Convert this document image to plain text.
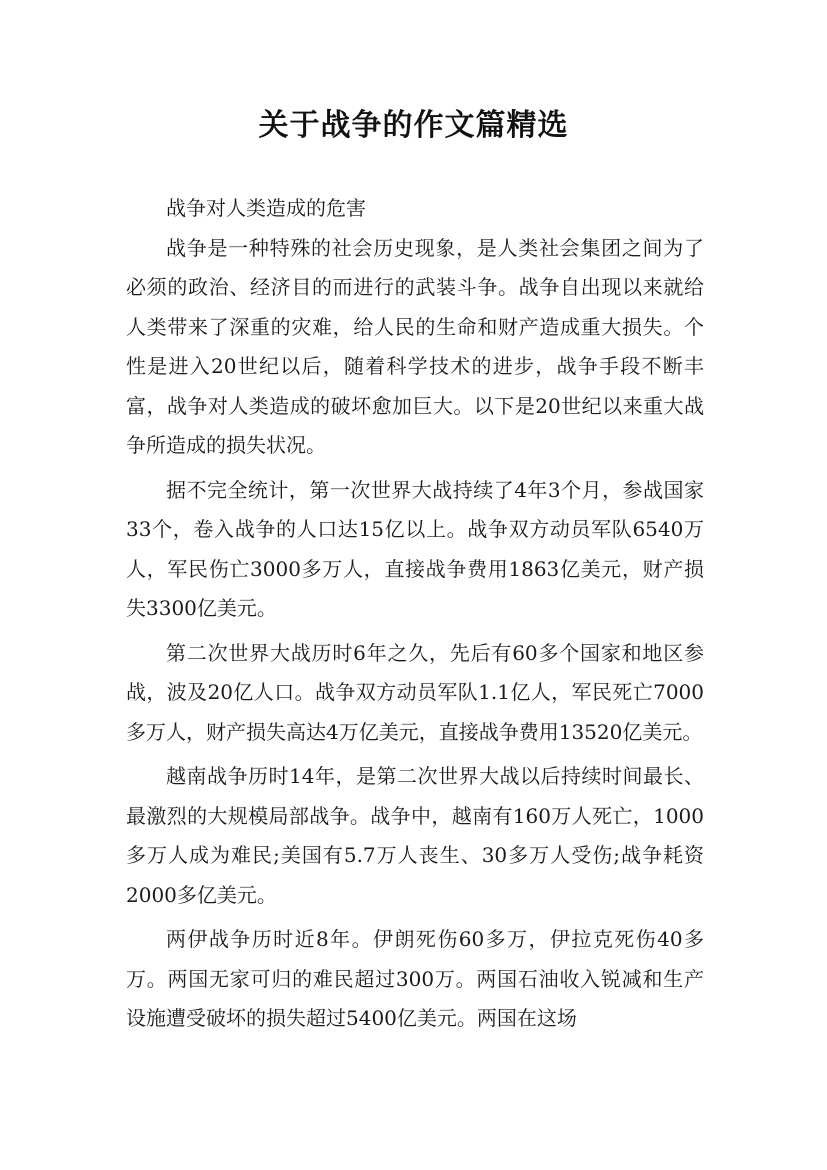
关于战争的作文篇精选

战争对人类造成的危害

战争是一种特殊的社会历史现象，是人类社会集团之间为了必须的政治、经济目的而进行的武装斗争。战争自出现以来就给人类带来了深重的灾难，给人民的生命和财产造成重大损失。个性是进入20世纪以后，随着科学技术的进步，战争手段不断丰富，战争对人类造成的破坏愈加巨大。以下是20世纪以来重大战争所造成的损失状况。

据不完全统计，第一次世界大战持续了4年3个月，参战国家33个，卷入战争的人口达15亿以上。战争双方动员军队6540万人，军民伤亡3000多万人，直接战争费用1863亿美元，财产损失3300亿美元。

第二次世界大战历时6年之久，先后有60多个国家和地区参战，波及20亿人口。战争双方动员军队1.1亿人，军民死亡7000多万人，财产损失高达4万亿美元，直接战争费用13520亿美元。

越南战争历时14年，是第二次世界大战以后持续时间最长、最激烈的大规模局部战争。战争中，越南有160万人死亡，1000多万人成为难民;美国有5.7万人丧生、30多万人受伤;战争耗资2000多亿美元。

两伊战争历时近8年。伊朗死伤60多万，伊拉克死伤40多万。两国无家可归的难民超过300万。两国石油收入锐减和生产设施遭受破坏的损失超过5400亿美元。两国在这场
